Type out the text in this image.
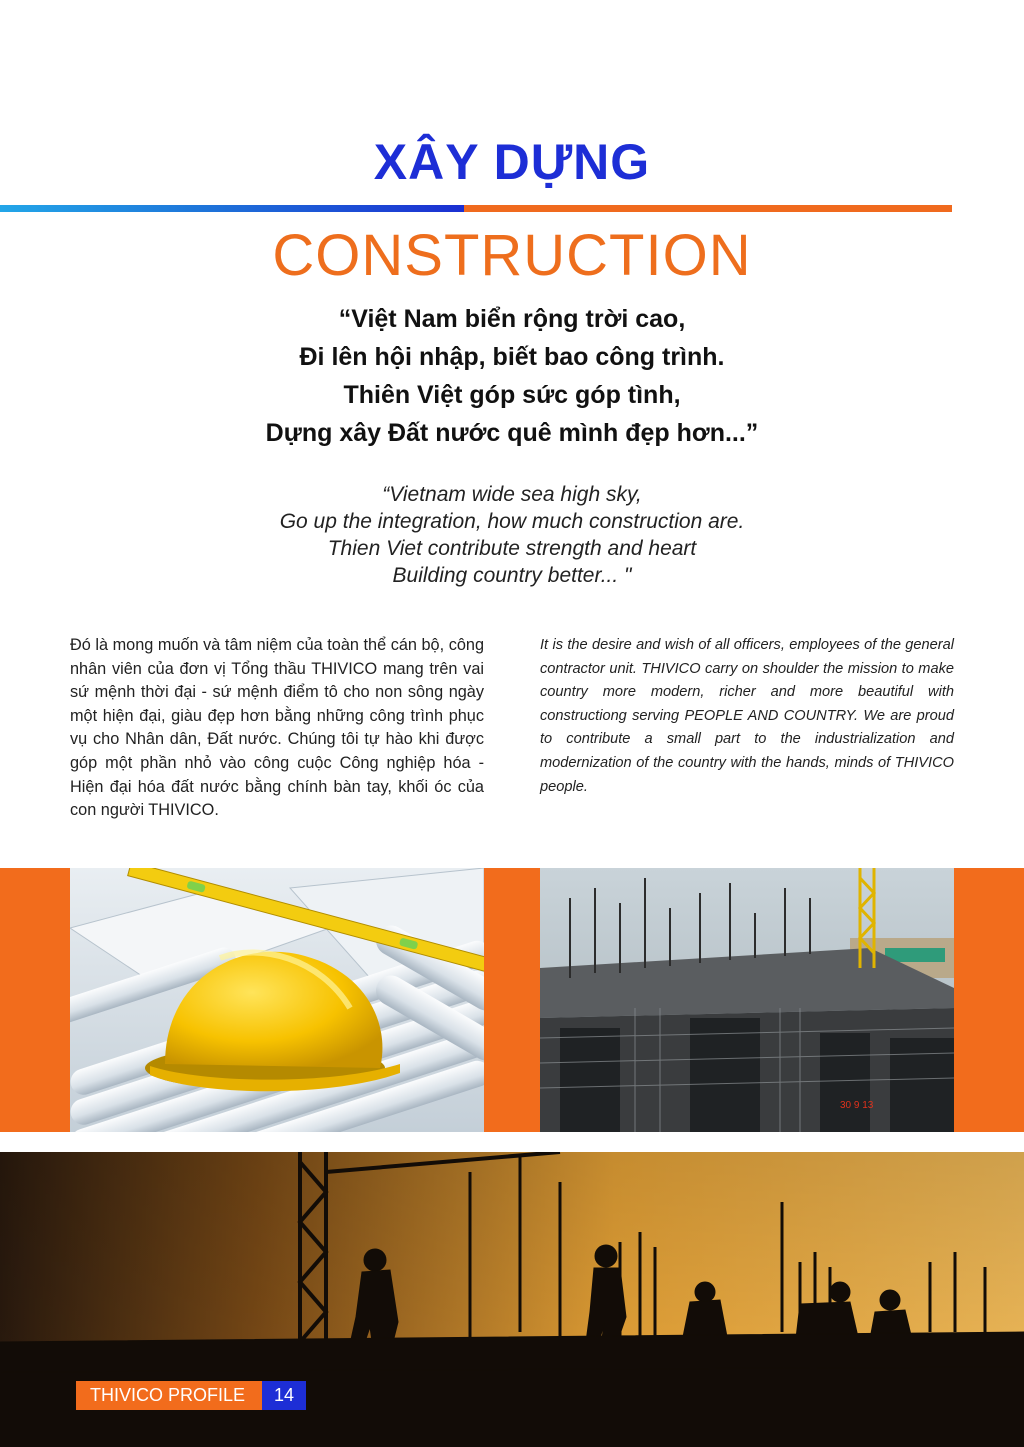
XÂY DỰNG
CONSTRUCTION
“Việt Nam biển rộng trời cao,
Đi lên hội nhập, biết bao công trình.
Thiên Việt góp sức góp tình,
Dựng xây Đất nước quê mình đẹp hơn...”
“Vietnam wide sea high sky,
Go up the integration, how much construction are.
Thien Viet contribute strength and heart
Building country better... "
Đó là mong muốn và tâm niệm của toàn thể cán bộ, công nhân viên của đơn vị Tổng thầu THIVICO mang trên vai sứ mệnh thời đại - sứ mệnh điểm tô cho non sông ngày một hiện đại, giàu đẹp hơn bằng những công trình phục vụ cho Nhân dân, Đất nước. Chúng tôi tự hào khi được góp một phần nhỏ vào công cuộc Công nghiệp hóa - Hiện đại hóa đất nước bằng chính bàn tay, khối óc của con người THIVICO.
It is the desire and wish of all officers, employees of the general contractor unit. THIVICO carry on shoulder the mission to make country more modern, richer and more beautiful with constructiong serving PEOPLE AND COUNTRY. We are proud to contribute a small part to the industrialization and modernization of the country with the hands, minds of THIVICO people.
30 9 13
THIVICO PROFILE	14
